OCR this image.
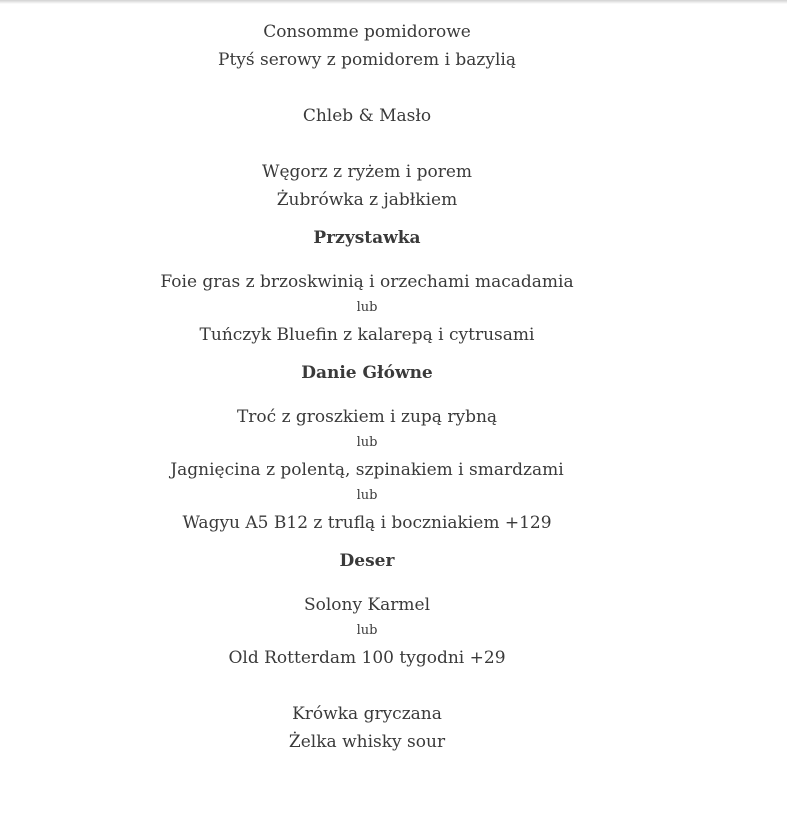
Consomme pomidorowe
Ptyś serowy z pomidorem i bazylią
Chleb & Masło
Węgorz z ryżem i porem
Żubrówka z jabłkiem
Przystawka
Foie gras z brzoskwinią i orzechami macadamia
lub
Tuńczyk Bluefin z kalarepą i cytrusami
Danie Główne
Troć z groszkiem i zupą rybną
lub
Jagnięcina z polentą, szpinakiem i smardzami
lub
Wagyu A5 B12 z truflą i boczniakiem +129
Deser
Solony Karmel
lub
Old Rotterdam 100 tygodni +29
Krówka gryczana
Żelka whisky sour
